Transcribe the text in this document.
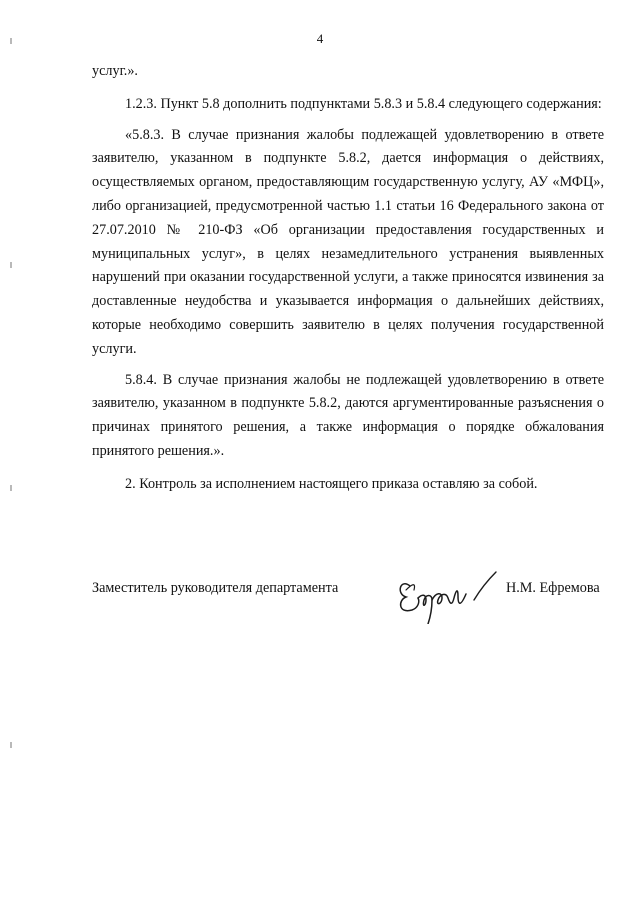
4

услуг.».

1.2.3. Пункт 5.8 дополнить подпунктами 5.8.3 и 5.8.4 следующего содержания:

«5.8.3. В случае признания жалобы подлежащей удовлетворению в ответе заявителю, указанном в подпункте 5.8.2, дается информация о действиях, осуществляемых органом, предоставляющим государственную услугу, АУ «МФЦ», либо организацией, предусмотренной частью 1.1 статьи 16 Федерального закона от 27.07.2010 № 210-ФЗ «Об организации предоставления государственных и муниципальных услуг», в целях незамедлительного устранения выявленных нарушений при оказании государственной услуги, а также приносятся извинения за доставленные неудобства и указывается информация о дальнейших действиях, которые необходимо совершить заявителю в целях получения государственной услуги.

5.8.4. В случае признания жалобы не подлежащей удовлетворению в ответе заявителю, указанном в подпункте 5.8.2, даются аргументированные разъяснения о причинах принятого решения, а также информация о порядке обжалования принятого решения.».

2. Контроль за исполнением настоящего приказа оставляю за собой.

Заместитель руководителя департамента	Н.М. Ефремова
